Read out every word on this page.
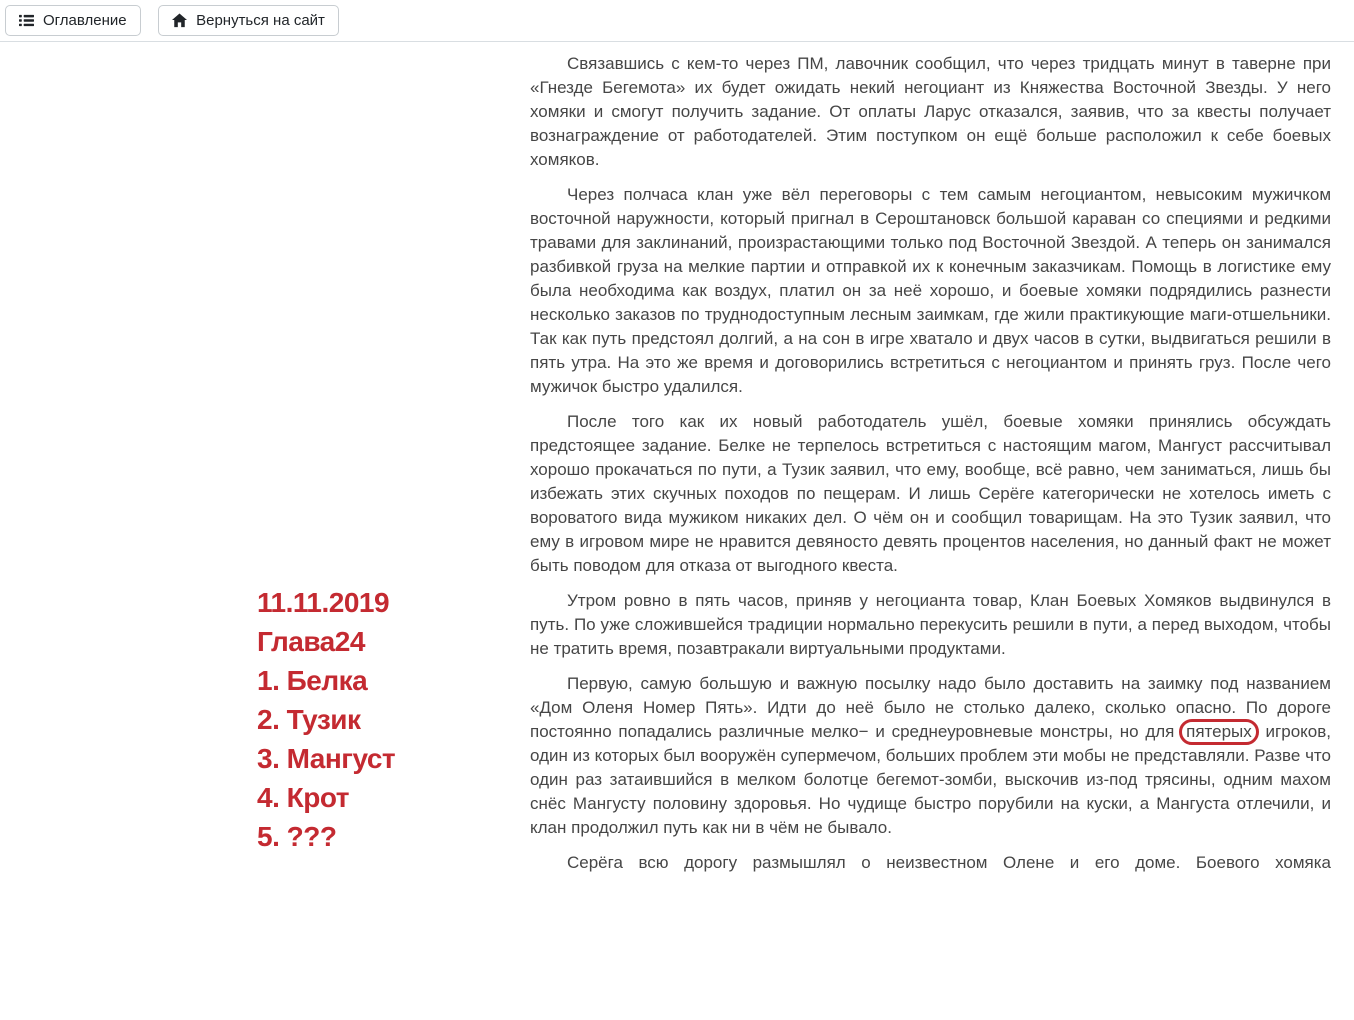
Оглавление
	Вернуться на сайт
11.11.2019
Глава24
1. Белка
2. Тузик
3. Мангуст
4. Крот
5. ???

Связавшись с кем-то через ПМ, лавочник сообщил, что через тридцать минут в таверне при «Гнезде Бегемота» их будет ожидать некий негоциант из Княжества Восточной Звезды. У него хомяки и смогут получить задание. От оплаты Ларус отказался, заявив, что за квесты получает вознаграждение от работодателей. Этим поступком он ещё больше расположил к себе боевых хомяков.

Через полчаса клан уже вёл переговоры с тем самым негоциантом, невысоким мужичком восточной наружности, который пригнал в Сероштановск большой караван со специями и редкими травами для заклинаний, произрастающими только под Восточной Звездой. А теперь он занимался разбивкой груза на мелкие партии и отправкой их к конечным заказчикам. Помощь в логистике ему была необходима как воздух, платил он за неё хорошо, и боевые хомяки подрядились разнести несколько заказов по труднодоступным лесным заимкам, где жили практикующие маги-отшельники. Так как путь предстоял долгий, а на сон в игре хватало и двух часов в сутки, выдвигаться решили в пять утра. На это же время и договорились встретиться с негоциантом и принять груз. После чего мужичок быстро удалился.

После того как их новый работодатель ушёл, боевые хомяки принялись обсуждать предстоящее задание. Белке не терпелось встретиться с настоящим магом, Мангуст рассчитывал хорошо прокачаться по пути, а Тузик заявил, что ему, вообще, всё равно, чем заниматься, лишь бы избежать этих скучных походов по пещерам. И лишь Серёге категорически не хотелось иметь с вороватого вида мужиком никаких дел. О чём он и сообщил товарищам. На это Тузик заявил, что ему в игровом мире не нравится девяносто девять процентов населения, но данный факт не может быть поводом для отказа от выгодного квеста.

Утром ровно в пять часов, приняв у негоцианта товар, Клан Боевых Хомяков выдвинулся в путь. По уже сложившейся традиции нормально перекусить решили в пути, а перед выходом, чтобы не тратить время, позавтракали виртуальными продуктами.

Первую, самую большую и важную посылку надо было доставить на заимку под названием «Дом Оленя Номер Пять». Идти до неё было не столько далеко, сколько опасно. По дороге постоянно попадались различные мелко− и среднеуровневые монстры, но для пятерых игроков, один из которых был вооружён супермечом, больших проблем эти мобы не представляли. Разве что один раз затаившийся в мелком болотце бегемот-зомби, выскочив из-под трясины, одним махом снёс Мангусту половину здоровья. Но чудище быстро порубили на куски, а Мангуста отлечили, и клан продолжил путь как ни в чём не бывало.

Серёга всю дорогу размышлял о неизвестном Олене и его доме. Боевого хомяка
